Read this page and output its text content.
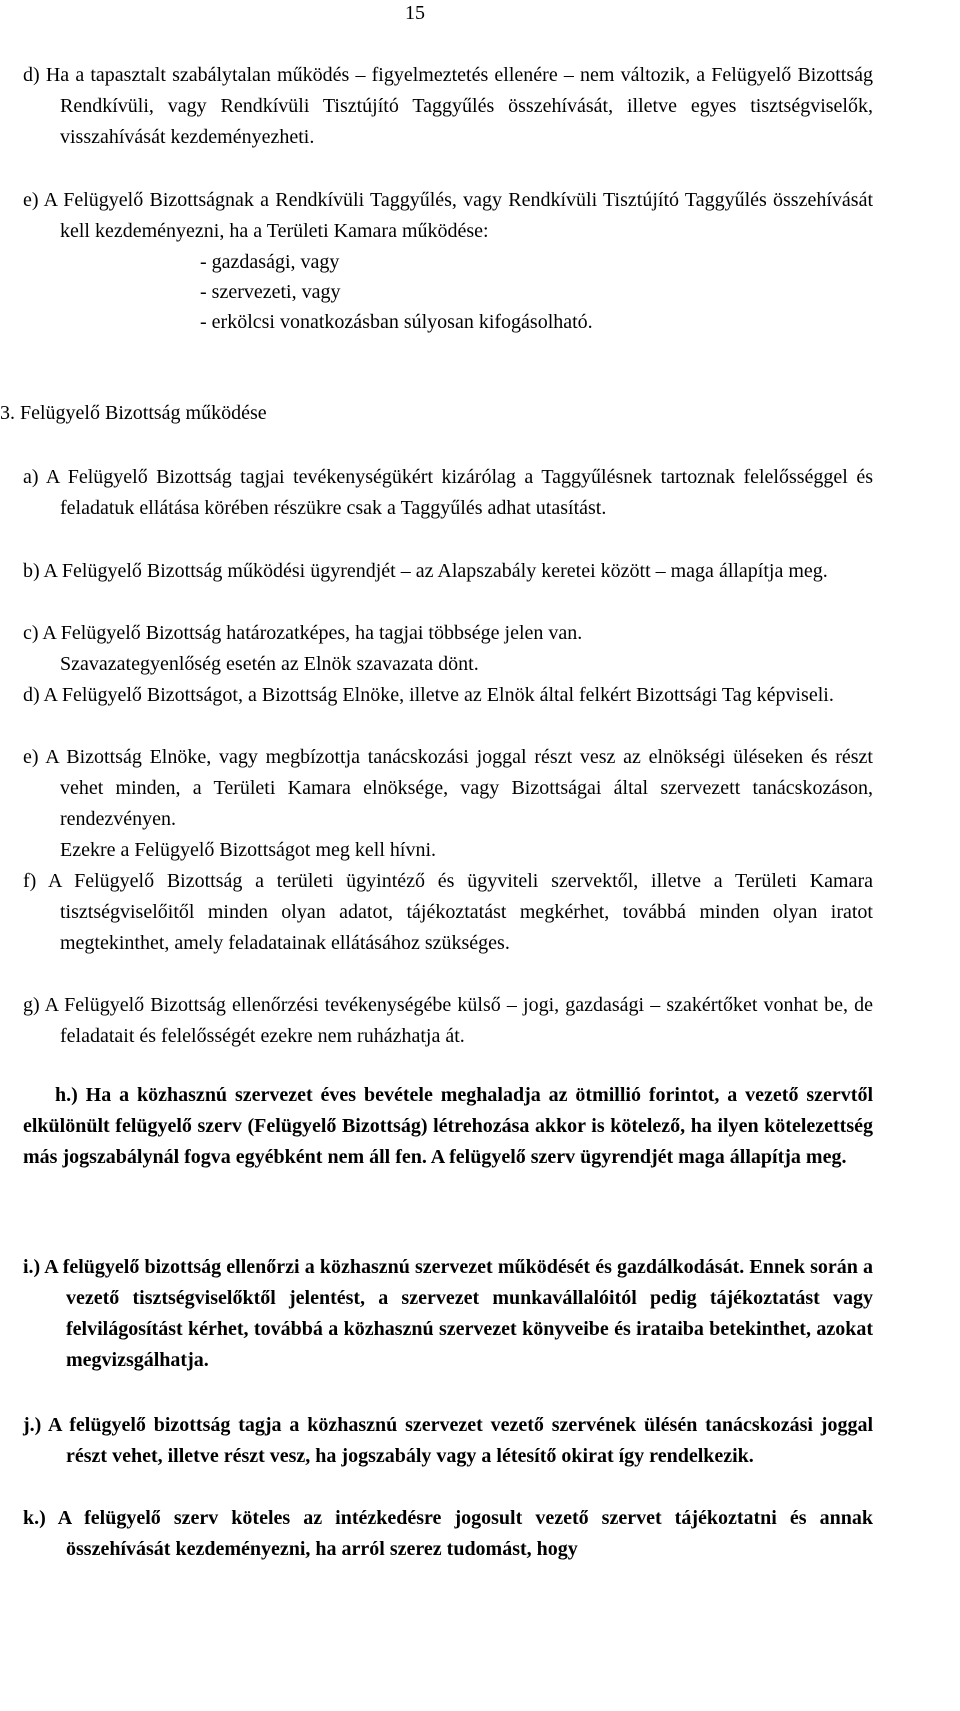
15
d) Ha a tapasztalt szabálytalan működés – figyelmeztetés ellenére – nem változik, a Felügyelő Bizottság Rendkívüli, vagy Rendkívüli Tisztújító Taggyűlés összehívását, illetve egyes tisztségviselők, visszahívását kezdeményezheti.
e) A Felügyelő Bizottságnak a Rendkívüli Taggyűlés, vagy Rendkívüli Tisztújító Taggyűlés összehívását kell kezdeményezni, ha a Területi Kamara működése:
- gazdasági, vagy
- szervezeti, vagy
- erkölcsi vonatkozásban súlyosan kifogásolható.
3. Felügyelő Bizottság működése
a) A Felügyelő Bizottság tagjai tevékenységükért kizárólag a Taggyűlésnek tartoznak felelősséggel és feladatuk ellátása körében részükre csak a Taggyűlés adhat utasítást.
b) A Felügyelő Bizottság működési ügyrendjét – az Alapszabály keretei között – maga állapítja meg.
c) A Felügyelő Bizottság határozatképes, ha tagjai többsége jelen van.
Szavazategyenlőség esetén az Elnök szavazata dönt.
d) A Felügyelő Bizottságot, a Bizottság Elnöke, illetve az Elnök által felkért Bizottsági Tag képviseli.
e) A Bizottság Elnöke, vagy megbízottja tanácskozási joggal részt vesz az elnökségi üléseken és részt vehet minden, a Területi Kamara elnöksége, vagy Bizottságai által szervezett tanácskozáson, rendezvényen.
Ezekre a Felügyelő Bizottságot meg kell hívni.
f) A Felügyelő Bizottság a területi ügyintéző és ügyviteli szervektől, illetve a Területi Kamara tisztségviselőitől minden olyan adatot, tájékoztatást megkérhet, továbbá minden olyan iratot megtekinthet, amely feladatainak ellátásához szükséges.
g) A Felügyelő Bizottság ellenőrzési tevékenységébe külső – jogi, gazdasági – szakértőket vonhat be, de feladatait és felelősségét ezekre nem ruházhatja át.
h.) Ha a közhasznú szervezet éves bevétele meghaladja az ötmillió forintot, a vezető szervtől elkülönült felügyelő szerv (Felügyelő Bizottság) létrehozása akkor is kötelező, ha ilyen kötelezettség más jogszabálynál fogva egyébként nem áll fen. A felügyelő szerv ügyrendjét maga állapítja meg.
i.) A felügyelő bizottság ellenőrzi a közhasznú szervezet működését és gazdálkodását. Ennek során a vezető tisztségviselőktől jelentést, a szervezet munkavállalóitól pedig tájékoztatást vagy felvilágosítást kérhet, továbbá a közhasznú szervezet könyveibe és irataiba betekinthet, azokat megvizsgálhatja.
j.) A felügyelő bizottság tagja a közhasznú szervezet vezető szervének ülésén tanácskozási joggal részt vehet, illetve részt vesz, ha jogszabály vagy a létesítő okirat így rendelkezik.
k.) A felügyelő szerv köteles az intézkedésre jogosult vezető szervet tájékoztatni és annak összehívását kezdeményezni, ha arról szerez tudomást, hogy
